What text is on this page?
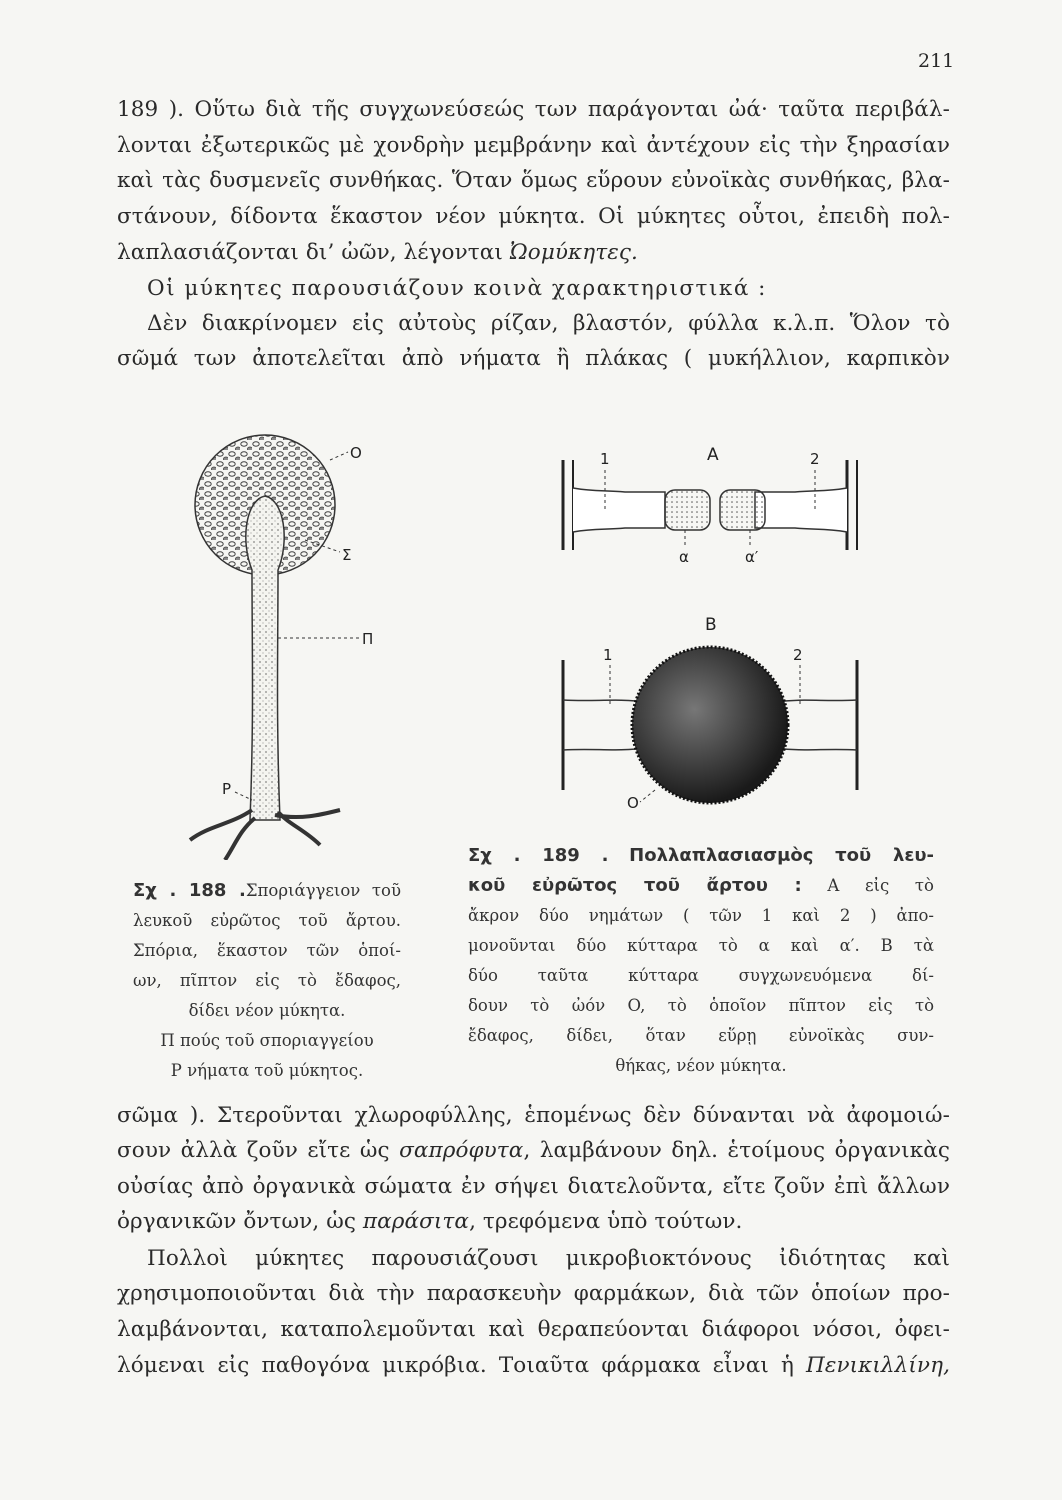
211
189 ). Οὕτω διὰ τῆς συγχωνεύσεώς των παράγονται ὠά· ταῦτα περιβάλ-
λονται ἐξωτερικῶς μὲ χονδρὴν μεμβράνην καὶ ἀντέχουν εἰς τὴν ξηρασίαν
καὶ τὰς δυσμενεῖς συνθήκας. Ὅταν ὅμως εὕρουν εὐνοϊκὰς συνθήκας, βλα-
στάνουν, δίδοντα ἕκαστον νέον μύκητα. Οἱ μύκητες οὗτοι, ἐπειδὴ πολ-
λαπλασιάζονται δι’ ὠῶν, λέγονται Ὠομύκητες.
Οἱ μύκητες παρουσιάζουν κοινὰ χαρακτηριστικά :
Δὲν διακρίνομεν εἰς αὐτοὺς ρίζαν, βλαστόν, φύλλα κ.λ.π. Ὅλον τὸ
σῶμά των ἀποτελεῖται ἀπὸ νήματα ἢ πλάκας ( μυκήλλιον, καρπικὸν
O
Σ
Π
Ρ
1	2
A
α	α′
B
1	2
O
Σχ . 188 .Σποριάγγειον τοῦ
λευκοῦ εὐρῶτος τοῦ ἄρτου.
Σπόρια, ἕκαστον τῶν ὁποί-
ων, πῖπτον εἰς τὸ ἔδαφος,
δίδει νέον μύκητα.
Π πούς τοῦ σποριαγγείου
Ρ νήματα τοῦ μύκητος.
Σχ . 189 . Πολλαπλασιασμὸς τοῦ λευ-
κοῦ εὐρῶτος τοῦ ἄρτου : A εἰς τὸ
ἄκρον δύο νημάτων ( τῶν 1 καὶ 2 ) ἀπο-
μονοῦνται δύο κύτταρα τὸ α καὶ α′. B τὰ
δύο ταῦτα κύτταρα συγχωνευόμενα δί-
δουν τὸ ὠόν O, τὸ ὁποῖον πῖπτον εἰς τὸ
ἔδαφος, δίδει, ὅταν εὕρῃ εὐνοϊκὰς συν-
θήκας, νέον μύκητα.
σῶμα ). Στεροῦνται χλωροφύλλης, ἑπομένως δὲν δύνανται νὰ ἀφομοιώ-
σουν ἀλλὰ ζοῦν εἴτε ὡς σαπρόφυτα, λαμβάνουν δηλ. ἑτοίμους ὀργανικὰς
οὐσίας ἀπὸ ὀργανικὰ σώματα ἐν σήψει διατελοῦντα, εἴτε ζοῦν ἐπὶ ἄλλων
ὀργανικῶν ὄντων, ὡς παράσιτα, τρεφόμενα ὑπὸ τούτων.
Πολλοὶ μύκητες παρουσιάζουσι μικροβιοκτόνους ἰδιότητας καὶ
χρησιμοποιοῦνται διὰ τὴν παρασκευὴν φαρμάκων, διὰ τῶν ὁποίων προ-
λαμβάνονται, καταπολεμοῦνται καὶ θεραπεύονται διάφοροι νόσοι, ὀφει-
λόμεναι εἰς παθογόνα μικρόβια. Τοιαῦτα φάρμακα εἶναι ἡ Πενικιλλίνη,
